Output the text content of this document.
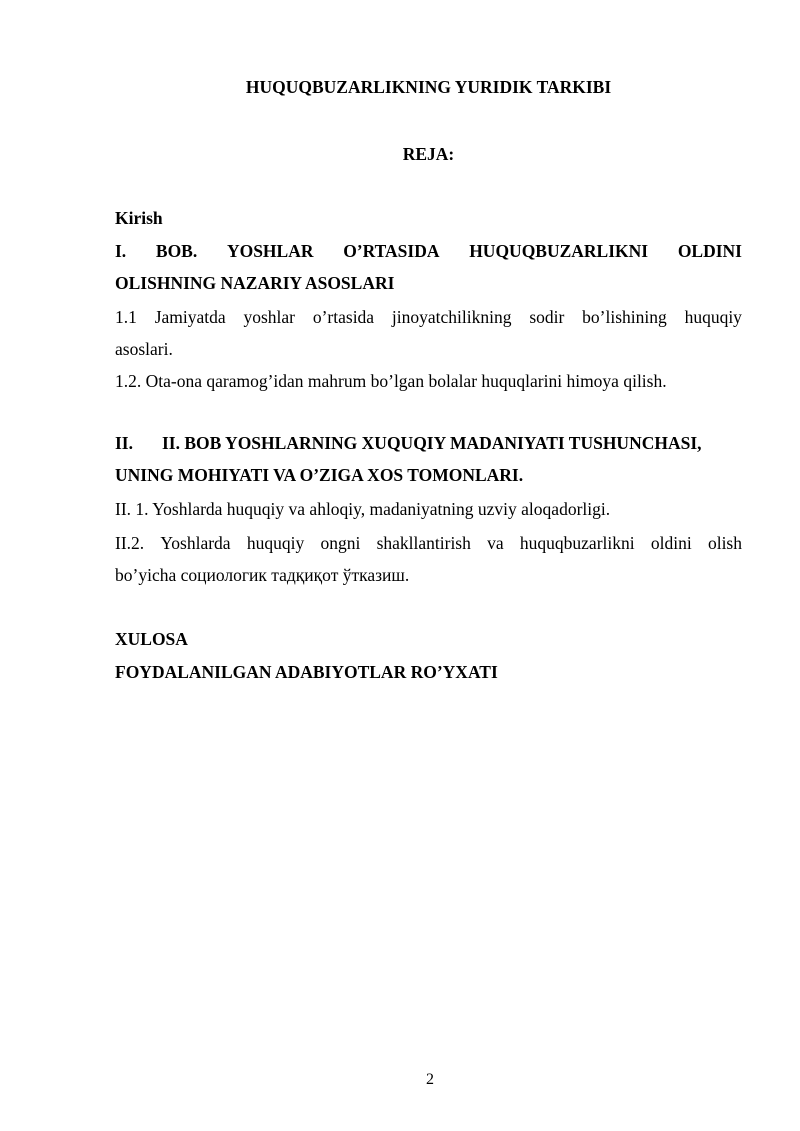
HUQUQBUZARLIKNING YURIDIK TARKIBI
REJA:
Kirish
I. BOB. YOSHLAR O’RTASIDA HUQUQBUZARLIKNI OLDINI
OLISHNING NAZARIY ASOSLARI
1.1 Jamiyatda yoshlar o’rtasida jinoyatchilikning sodir bo’lishining huquqiy
asoslari.
1.2. Ota-ona qaramog’idan mahrum bo’lgan bolalar huquqlarini himoya qilish.
II. II. BOB YOSHLARNING XUQUQIY MADANIYATI TUSHUNCHASI,
UNING MOHIYATI VA O’ZIGA XOS TOMONLARI.
II. 1. Yoshlarda huquqiy va ahloqiy, madaniyatning uzviy aloqadorligi.
II.2. Yoshlarda huquqiy ongni shakllantirish va huquqbuzarlikni oldini olish
bo’yicha социологик тадқиқот ўтказиш.
XULOSA
FOYDALANILGAN ADABIYOTLAR RO’YXATI
2
